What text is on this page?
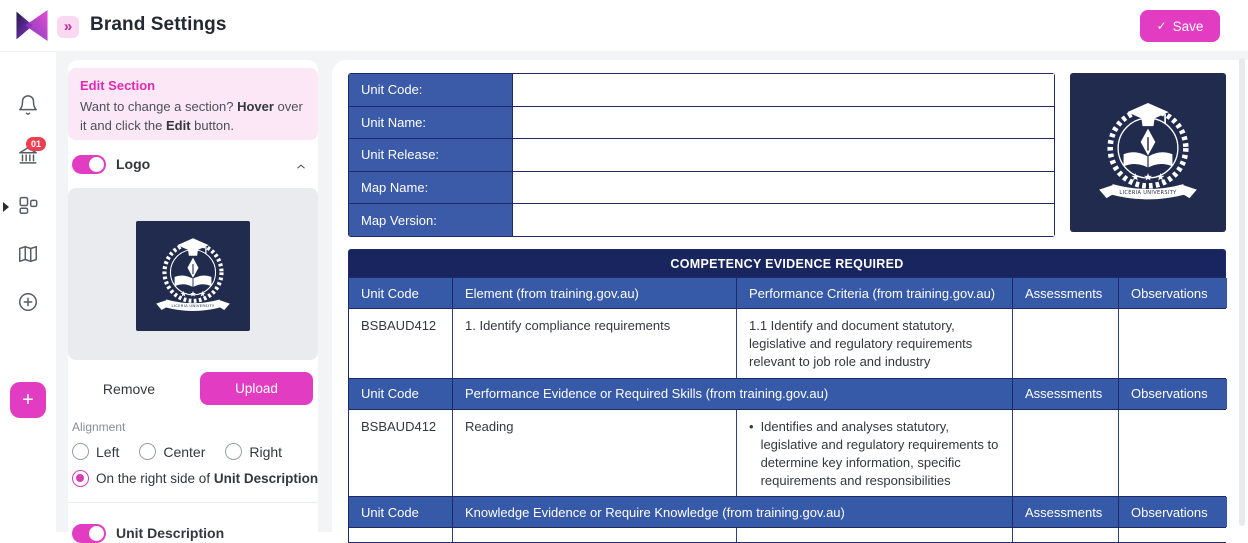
» Brand Settings	✓ Save
01
+
Edit Section
Want to change a section? Hover over it and click the Edit button.
Logo
Remove	Upload
Alignment
Left	Center	Right
On the right side of Unit Description
Unit Description
Unit Code:
Unit Name:
Unit Release:
Map Name:
Map Version:
COMPETENCY EVIDENCE REQUIRED
Unit Code	Element (from training.gov.au)	Performance Criteria (from training.gov.au)	Assessments	Observations
BSBAUD412	1. Identify compliance requirements	1.1 Identify and document statutory, legislative and regulatory requirements relevant to job role and industry
Unit Code	Performance Evidence or Required Skills (from training.gov.au)	Assessments	Observations
BSBAUD412	Reading	• Identifies and analyses statutory, legislative and regulatory requirements to determine key information, specific requirements and responsibilities
Unit Code	Knowledge Evidence or Require Knowledge (from training.gov.au)	Assessments	Observations
